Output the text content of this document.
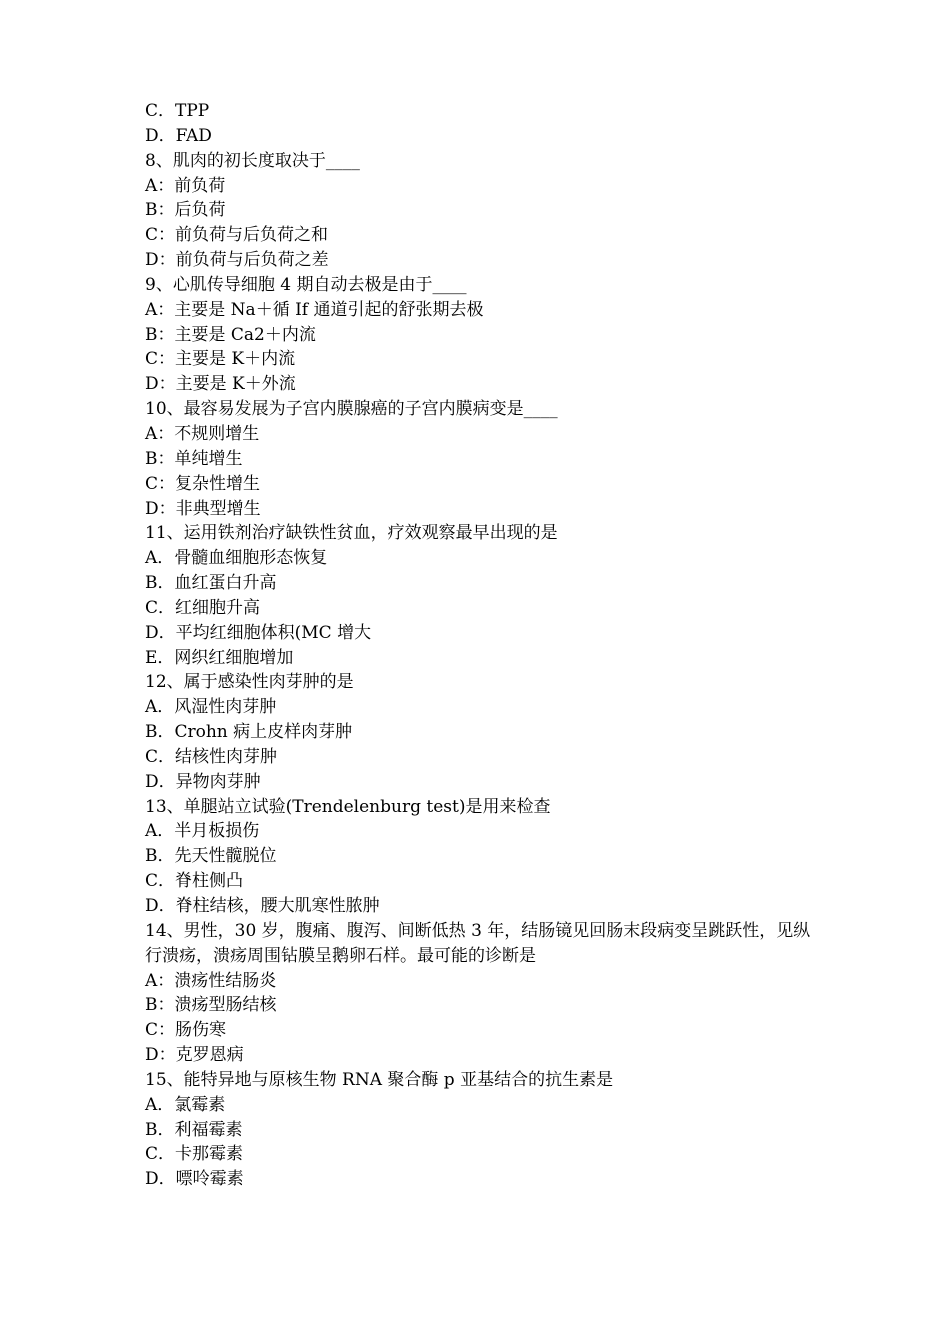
C．TPP

D．FAD

8、肌肉的初长度取决于____

A：前负荷

B：后负荷

C：前负荷与后负荷之和

D：前负荷与后负荷之差

9、心肌传导细胞 4 期自动去极是由于____

A：主要是 Na＋循 If 通道引起的舒张期去极

B：主要是 Ca2＋内流

C：主要是 K＋内流

D：主要是 K＋外流

10、最容易发展为子宫内膜腺癌的子宫内膜病变是____

A：不规则增生

B：单纯增生

C：复杂性增生

D：非典型增生

11、运用铁剂治疗缺铁性贫血，疗效观察最早出现的是

A．骨髓血细胞形态恢复

B．血红蛋白升高

C．红细胞升高

D．平均红细胞体积(MC 增大

E．网织红细胞增加

12、属于感染性肉芽肿的是

A．风湿性肉芽肿

B．Crohn 病上皮样肉芽肿

C．结核性肉芽肿

D．异物肉芽肿

13、单腿站立试验(Trendelenburg test)是用来检查

A．半月板损伤

B．先天性髋脱位

C．脊柱侧凸

D．脊柱结核，腰大肌寒性脓肿

14、男性，30 岁，腹痛、腹泻、间断低热 3 年，结肠镜见回肠末段病变呈跳跃性，见纵行溃疡，溃疡周围钻膜呈鹅卵石样。最可能的诊断是

A：溃疡性结肠炎

B：溃疡型肠结核

C：肠伤寒

D：克罗恩病

15、能特异地与原核生物 RNA 聚合酶 p 亚基结合的抗生素是

A．氯霉素

B．利福霉素

C．卡那霉素

D．嘌呤霉素
